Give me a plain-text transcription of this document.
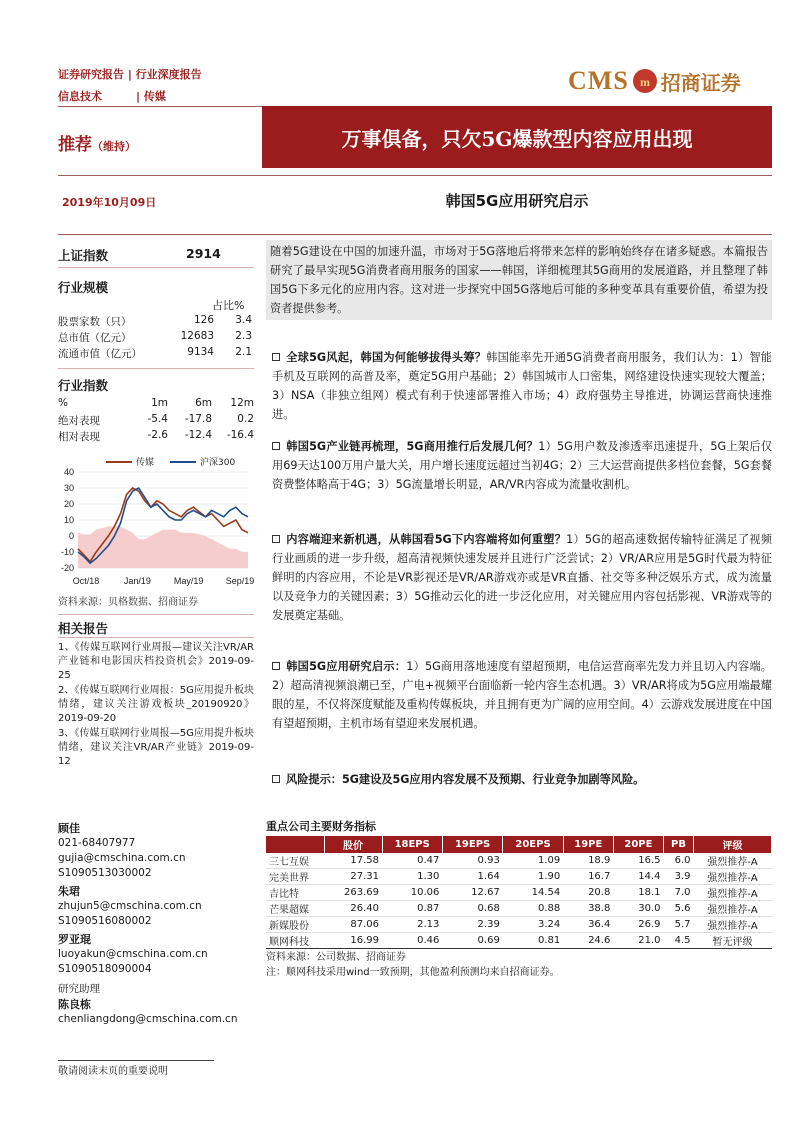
证券研究报告 | 行业深度报告
信息技术	| 传媒
CMS m 招商证券
推荐（维持）	万事俱备，只欠5G爆款型内容应用出现
2019年10月09日	韩国5G应用研究启示
上证指数	2914
行业规模
占比%
股票家数（只）	126	3.4
总市值（亿元）	12683	2.3
流通市值（亿元）	9134	2.1
行业指数
%	1m	6m	12m
绝对表现	-5.4	-17.8	0.2
相对表现	-2.6	-12.4	-16.4
40
30
20
10
0
-10
-20
Oct/18	Jan/19	May/19 Sep/19
传媒	沪深300
资料来源：贝格数据、招商证券
相关报告
1、《传媒互联网行业周报—建议关注VR/AR产业链和电影国庆档投资机会》2019-09-25
2、《传媒互联网行业周报：5G应用提升板块情绪，建议关注游戏板块_20190920》2019-09-20
3、《传媒互联网行业周报—5G应用提升板块情绪，建议关注VR/AR产业链》2019-09-12
顾佳
021-68407977
gujia@cmschina.com.cn
S1090513030002
朱珺
zhujun5@cmschina.com.cn
S1090516080002
罗亚琨
luoyakun@cmschina.com.cn
S1090518090004
研究助理
陈良栋
chenliangdong@cmschina.com.cn
敬请阅读末页的重要说明
随着5G建设在中国的加速升温，市场对于5G落地后将带来怎样的影响始终存在诸多疑惑。本篇报告研究了最早实现5G消费者商用服务的国家——韩国，详细梳理其5G商用的发展道路，并且整理了韩国5G下多元化的应用内容。这对进一步探究中国5G落地后可能的多种变革具有重要价值，希望为投资者提供参考。
全球5G风起，韩国为何能够拔得头筹？韩国能率先开通5G消费者商用服务，我们认为：1）智能手机及互联网的高普及率，奠定5G用户基础；2）韩国城市人口密集，网络建设快速实现较大覆盖；3）NSA（非独立组网）模式有利于快速部署推入市场；4）政府强势主导推进，协调运营商快速推进。
韩国5G产业链再梳理，5G商用推行后发展几何？1）5G用户数及渗透率迅速提升，5G上架后仅用69天达100万用户量大关，用户增长速度远超过当初4G；2）三大运营商提供多档位套餐，5G套餐资费整体略高于4G；3）5G流量增长明显，AR/VR内容成为流量收割机。
内容端迎来新机遇，从韩国看5G下内容端将如何重塑？1）5G的超高速数据传输特征满足了视频行业画质的进一步升级，超高清视频快速发展并且进行广泛尝试；2）VR/AR应用是5G时代最为特征鲜明的内容应用，不论是VR影视还是VR/AR游戏亦或是VR直播、社交等多种泛娱乐方式，成为流量以及竞争力的关键因素；3）5G推动云化的进一步泛化应用，对关键应用内容包括影视、VR游戏等的发展奠定基础。
韩国5G应用研究启示：1）5G商用落地速度有望超预期，电信运营商率先发力并且切入内容端。2）超高清视频浪潮已至，广电+视频平台面临新一轮内容生态机遇。3）VR/AR将成为5G应用端最耀眼的星，不仅将深度赋能及重构传媒板块，并且拥有更为广阔的应用空间。4）云游戏发展进度在中国有望超预期，主机市场有望迎来发展机遇。
风险提示：5G建设及5G应用内容发展不及预期、行业竞争加剧等风险。
重点公司主要财务指标
	股价	18EPS	19EPS	20EPS	19PE	20PE	PB	评级
三七互娱	17.58	0.47	0.93	1.09	18.9	16.5	6.0	强烈推荐-A
完美世界	27.31	1.30	1.64	1.90	16.7	14.4	3.9	强烈推荐-A
吉比特	263.69	10.06	12.67	14.54	20.8	18.1	7.0	强烈推荐-A
芒果超媒	26.40	0.87	0.68	0.88	38.8	30.0	5.6	强烈推荐-A
新媒股份	87.06	2.13	2.39	3.24	36.4	26.9	5.7	强烈推荐-A
顺网科技	16.99	0.46	0.69	0.81	24.6	21.0	4.5	暂无评级
资料来源：公司数据、招商证券
注：顺网科技采用wind一致预期，其他盈利预测均来自招商证券。
